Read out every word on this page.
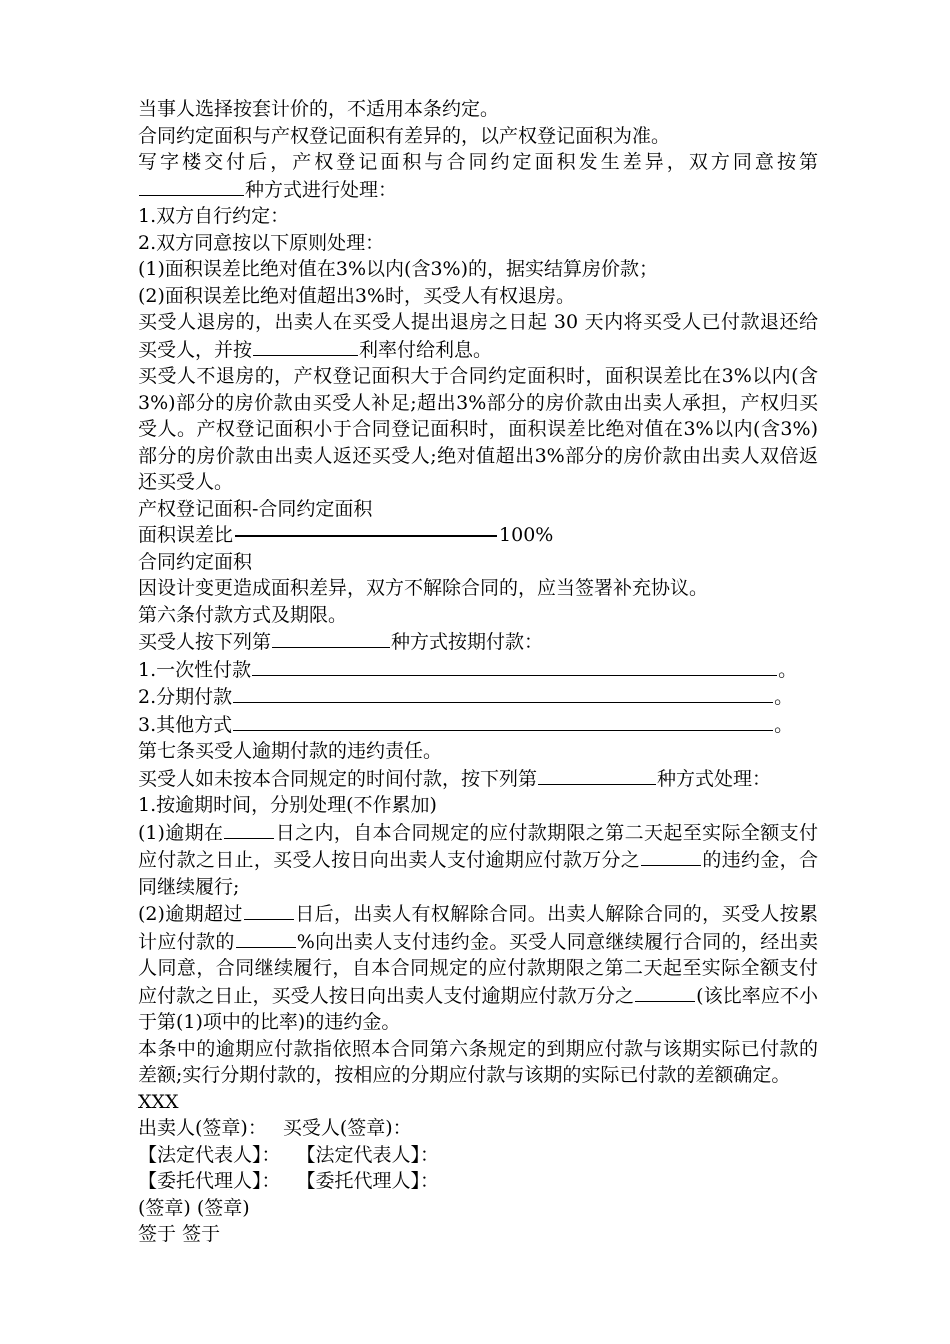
当事人选择按套计价的，不适用本条约定。

合同约定面积与产权登记面积有差异的，以产权登记面积为准。

写字楼交付后，产权登记面积与合同约定面积发生差异，双方同意按第种方式进行处理：

1.双方自行约定：

2.双方同意按以下原则处理：

(1)面积误差比绝对值在3%以内(含3%)的，据实结算房价款；

(2)面积误差比绝对值超出3%时，买受人有权退房。

买受人退房的，出卖人在买受人提出退房之日起 30 天内将买受人已付款退还给买受人，并按	利率付给利息。

买受人不退房的，产权登记面积大于合同约定面积时，面积误差比在3%以内(含3%)部分的房价款由买受人补足;超出3%部分的房价款由出卖人承担，产权归买受人。产权登记面积小于合同登记面积时，面积误差比绝对值在3%以内(含3%)部分的房价款由出卖人返还买受人;绝对值超出3%部分的房价款由出卖人双倍返还买受人。

产权登记面积-合同约定面积

面积误差比	100%

合同约定面积

因设计变更造成面积差异，双方不解除合同的，应当签署补充协议。

第六条付款方式及期限。

买受人按下列第	种方式按期付款：

1.一次性付款	。

2.分期付款	。

3.其他方式	。

第七条买受人逾期付款的违约责任。

买受人如未按本合同规定的时间付款，按下列第	种方式处理：

1.按逾期时间，分别处理(不作累加)

(1)逾期在	日之内，自本合同规定的应付款期限之第二天起至实际全额支付应付款之日止，买受人按日向出卖人支付逾期应付款万分之	的违约金，合同继续履行;

(2)逾期超过	日后，出卖人有权解除合同。出卖人解除合同的，买受人按累计应付款的	%向出卖人支付违约金。买受人同意继续履行合同的，经出卖人同意，合同继续履行，自本合同规定的应付款期限之第二天起至实际全额支付应付款之日止，买受人按日向出卖人支付逾期应付款万分之	(该比率应不小于第(1)项中的比率)的违约金。

本条中的逾期应付款指依照本合同第六条规定的到期应付款与该期实际已付款的差额;实行分期付款的，按相应的分期应付款与该期的实际已付款的差额确定。

XXX

出卖人(签章)： 买受人(签章)：

【法定代表人】： 【法定代表人】：

【委托代理人】： 【委托代理人】：

(签章) (签章)

签于 签于
